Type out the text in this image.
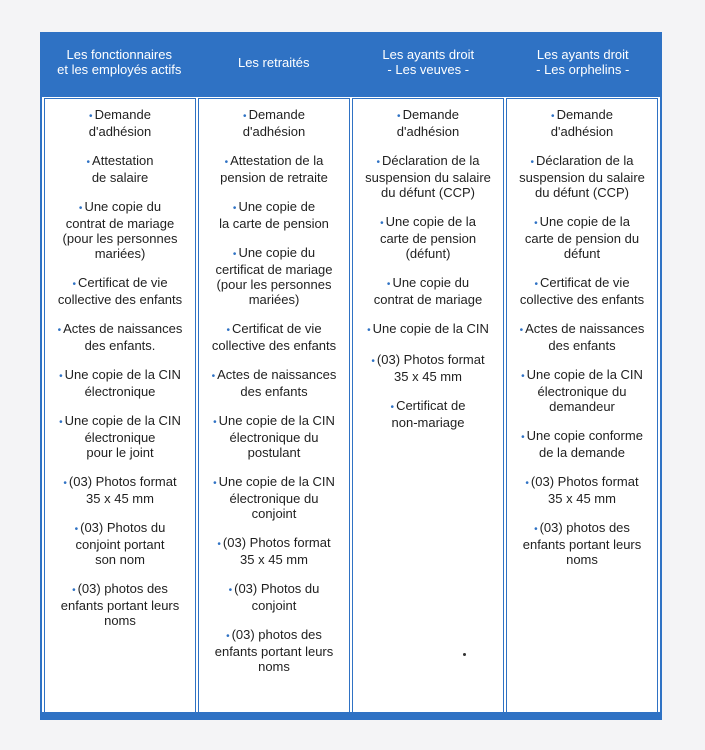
Les fonctionnaires
et les employés actifs	Les retraités	Les ayants droit
- Les veuves -
Les ayants droit
- Les orphelins -
• Demande
d'adhésion
• Attestation
de salaire
• Une copie du
contrat de mariage
(pour les personnes
mariées)
• Certificat de vie
collective des enfants
• Actes de naissances
des enfants.
• Une copie de la CIN
électronique
• Une copie de la CIN
électronique
pour le joint
• (03) Photos format
35 x 45 mm
• (03) Photos du
conjoint portant
son nom
• (03) photos des
enfants portant leurs
noms
• Demande
d'adhésion
• Attestation de la
pension de retraite
• Une copie de
la carte de pension
• Une copie du
certificat de mariage
(pour les personnes
mariées)
• Certificat de vie
collective des enfants
• Actes de naissances
des enfants
• Une copie de la CIN
électronique du
postulant
• Une copie de la CIN
électronique du
conjoint
• (03) Photos format
35 x 45 mm
• (03) Photos du
conjoint
• (03) photos des
enfants portant leurs
noms
• Demande
d'adhésion
• Déclaration de la
suspension du salaire
du défunt (CCP)
• Une copie de la
carte de pension
(défunt)
• Une copie du
contrat de mariage
• Une copie de la CIN
• (03) Photos format
35 x 45 mm
• Certificat de
non-mariage
• Demande
d'adhésion
• Déclaration de la
suspension du salaire
du défunt (CCP)
• Une copie de la
carte de pension du
défunt
• Certificat de vie
collective des enfants
• Actes de naissances
des enfants
• Une copie de la CIN
électronique du
demandeur
• Une copie conforme
de la demande
• (03) Photos format
35 x 45 mm
• (03) photos des
enfants portant leurs
noms
